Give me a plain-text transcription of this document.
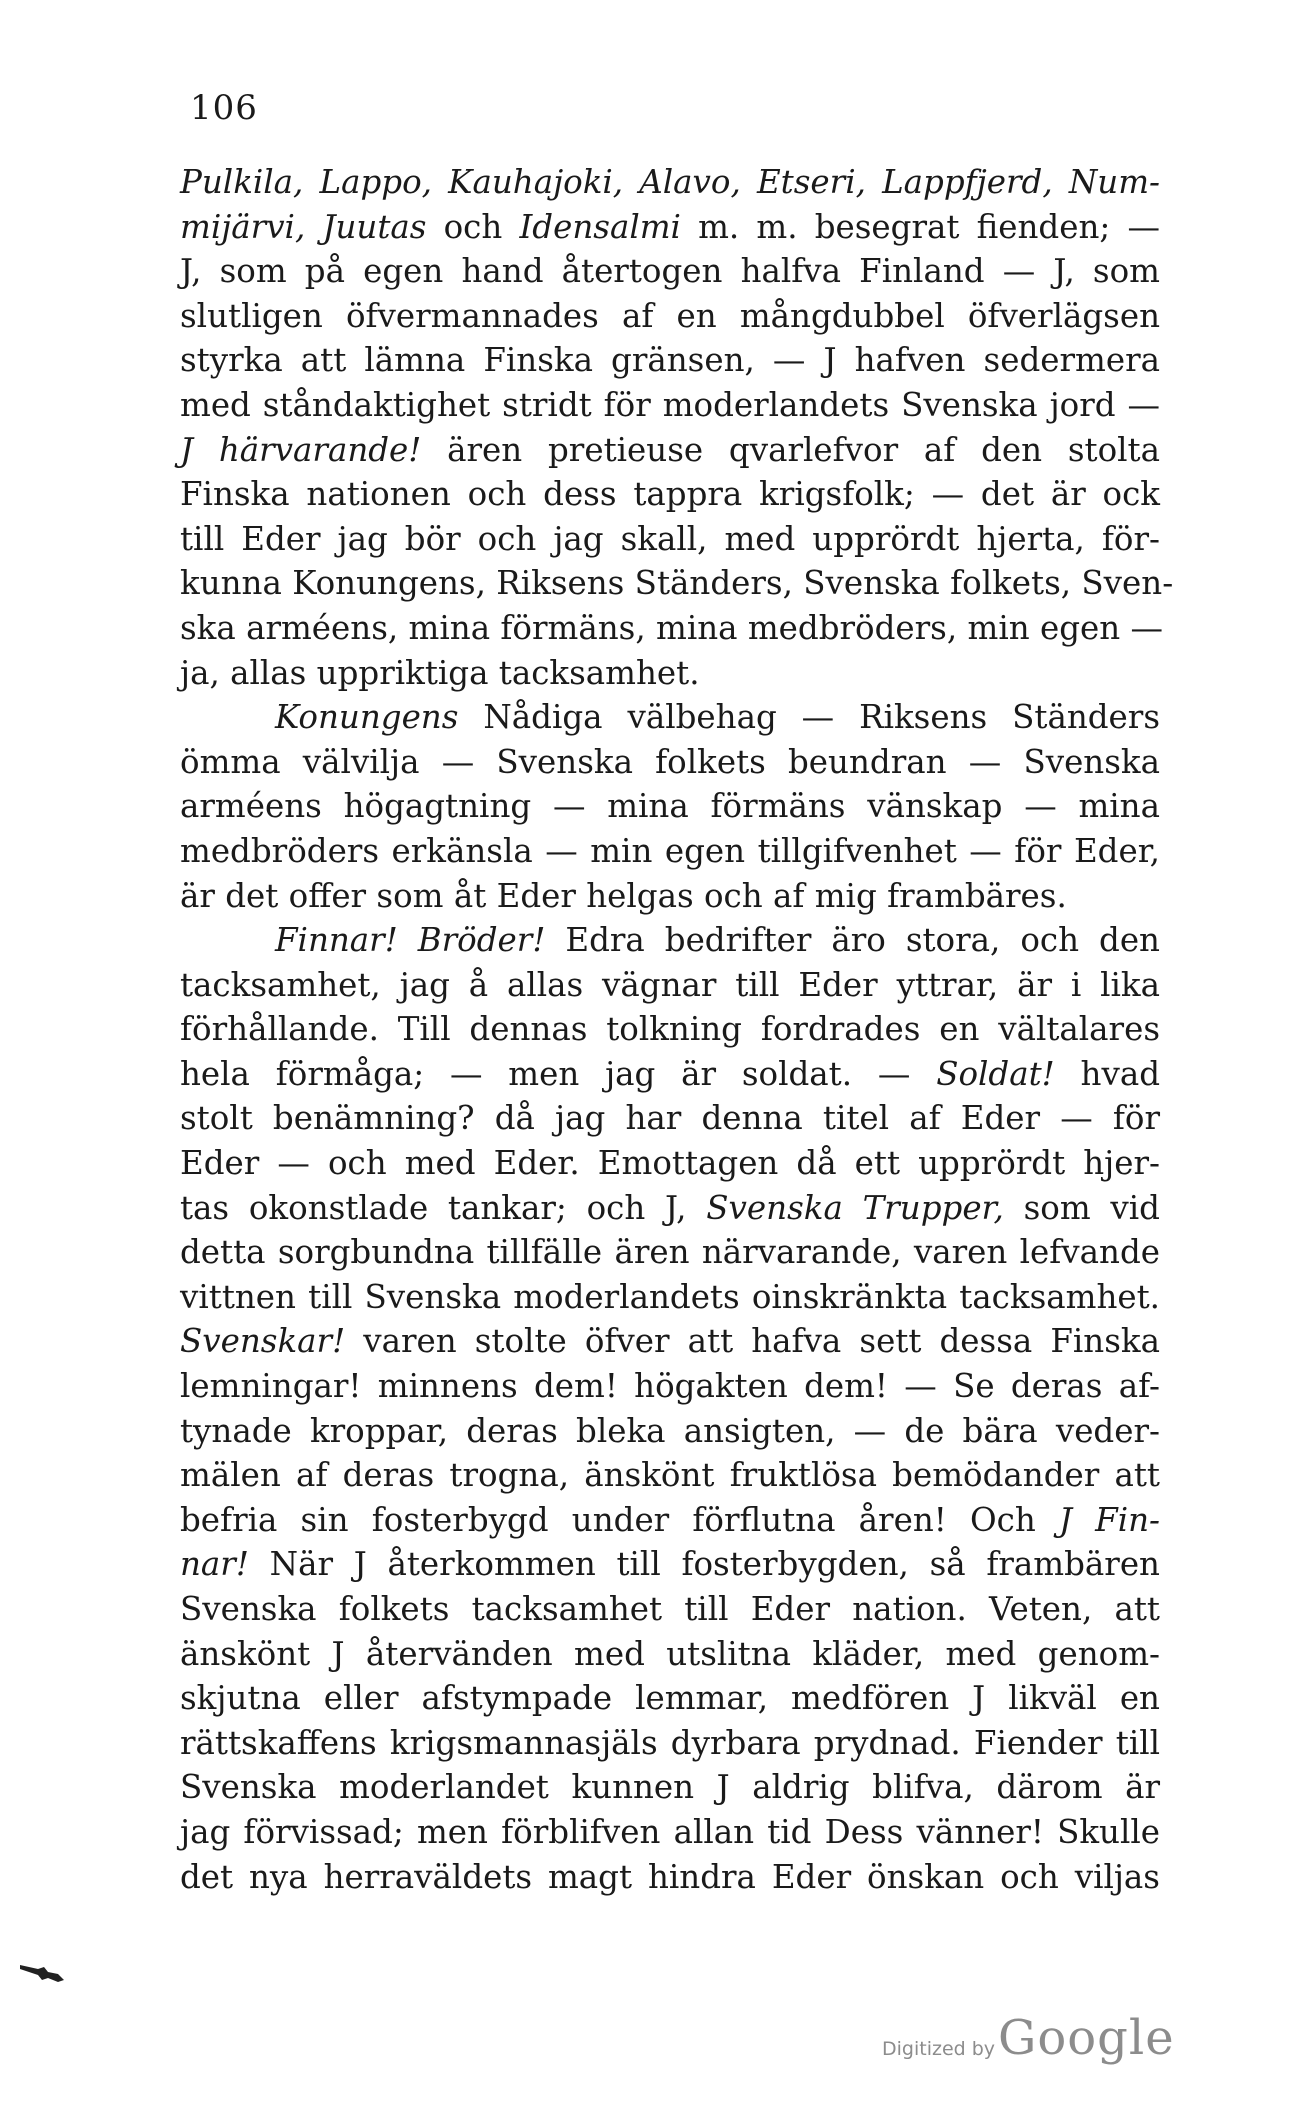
106
Pulkila, Lappo, Kauhajoki, Alavo, Etseri, Lappfjerd, Num-
mijärvi, Juutas och Idensalmi m. m. besegrat fienden; —
J, som på egen hand återtogen halfva Finland — J, som
slutligen öfvermannades af en mångdubbel öfverlägsen
styrka att lämna Finska gränsen, — J hafven sedermera
med ståndaktighet stridt för moderlandets Svenska jord —
J härvarande! ären pretieuse qvarlefvor af den stolta
Finska nationen och dess tappra krigsfolk; — det är ock
till Eder jag bör och jag skall, med upprördt hjerta, för-
kunna Konungens, Riksens Ständers, Svenska folkets, Sven-
ska arméens, mina förmäns, mina medbröders, min egen —
ja, allas uppriktiga tacksamhet.
Konungens Nådiga välbehag — Riksens Ständers
ömma välvilja — Svenska folkets beundran — Svenska
arméens högagtning — mina förmäns vänskap — mina
medbröders erkänsla — min egen tillgifvenhet — för Eder,
är det offer som åt Eder helgas och af mig frambäres.
Finnar! Bröder! Edra bedrifter äro stora, och den
tacksamhet, jag å allas vägnar till Eder yttrar, är i lika
förhållande. Till dennas tolkning fordrades en vältalares
hela förmåga; — men jag är soldat. — Soldat! hvad
stolt benämning? då jag har denna titel af Eder — för
Eder — och med Eder. Emottagen då ett upprördt hjer-
tas okonstlade tankar; och J, Svenska Trupper, som vid
detta sorgbundna tillfälle ären närvarande, varen lefvande
vittnen till Svenska moderlandets oinskränkta tacksamhet.
Svenskar! varen stolte öfver att hafva sett dessa Finska
lemningar! minnens dem! högakten dem! — Se deras af-
tynade kroppar, deras bleka ansigten, — de bära veder-
mälen af deras trogna, änskönt fruktlösa bemödander att
befria sin fosterbygd under förflutna åren! Och J Fin-
nar! När J återkommen till fosterbygden, så frambären
Svenska folkets tacksamhet till Eder nation. Veten, att
änskönt J återvänden med utslitna kläder, med genom-
skjutna eller afstympade lemmar, medfören J likväl en
rättskaffens krigsmannasjäls dyrbara prydnad. Fiender till
Svenska moderlandet kunnen J aldrig blifva, därom är
jag förvissad; men förblifven allan tid Dess vänner! Skulle
det nya herraväldets magt hindra Eder önskan och viljas
Digitized by Google
